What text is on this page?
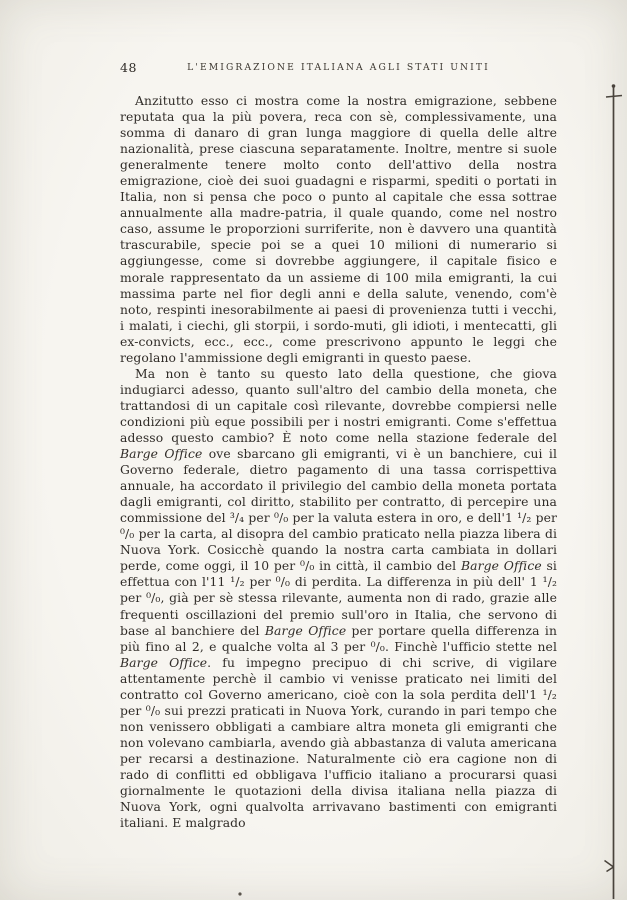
48	L'EMIGRAZIONE ITALIANA AGLI STATI UNITI

Anzitutto esso ci mostra come la nostra emigrazione, sebbene reputata qua la più povera, reca con sè, complessivamente, una somma di danaro di gran lunga maggiore di quella delle altre nazionalità, prese ciascuna separatamente. Inoltre, mentre si suole generalmente tenere molto conto dell'attivo della nostra emigrazione, cioè dei suoi guadagni e risparmi, spediti o portati in Italia, non si pensa che poco o punto al capitale che essa sottrae annualmente alla madre-patria, il quale quando, come nel nostro caso, assume le proporzioni surriferite, non è davvero una quantità trascurabile, specie poi se a quei 10 milioni di numerario si aggiungesse, come si dovrebbe aggiungere, il capitale fisico e morale rappresentato da un assieme di 100 mila emigranti, la cui massima parte nel fior degli anni e della salute, venendo, com'è noto, respinti inesorabilmente ai paesi di provenienza tutti i vecchi, i malati, i ciechi, gli storpii, i sordo-muti, gli idioti, i mentecatti, gli ex-convicts, ecc., ecc., come prescrivono appunto le leggi che regolano l'ammissione degli emigranti in questo paese.

Ma non è tanto su questo lato della questione, che giova indugiarci adesso, quanto sull'altro del cambio della moneta, che trattandosi di un capitale così rilevante, dovrebbe compiersi nelle condizioni più eque possibili per i nostri emigranti. Come s'effettua adesso questo cambio? È noto come nella stazione federale del Barge Office ove sbarcano gli emigranti, vi è un banchiere, cui il Governo federale, dietro pagamento di una tassa corrispettiva annuale, ha accordato il privilegio del cambio della moneta portata dagli emigranti, col diritto, stabilito per contratto, di percepire una commissione del ³/₄ per ⁰/₀ per la valuta estera in oro, e dell'1 ¹/₂ per ⁰/₀ per la carta, al disopra del cambio praticato nella piazza libera di Nuova York. Cosicchè quando la nostra carta cambiata in dollari perde, come oggi, il 10 per ⁰/₀ in città, il cambio del Barge Office si effettua con l'11 ¹/₂ per ⁰/₀ di perdita. La differenza in più dell' 1 ¹/₂ per ⁰/₀, già per sè stessa rilevante, aumenta non di rado, grazie alle frequenti oscillazioni del premio sull'oro in Italia, che servono di base al banchiere del Barge Office per portare quella differenza in più fino al 2, e qualche volta al 3 per ⁰/₀. Finchè l'ufficio stette nel Barge Office. fu impegno precipuo di chi scrive, di vigilare attentamente perchè il cambio vi venisse praticato nei limiti del contratto col Governo americano, cioè con la sola perdita dell'1 ¹/₂ per ⁰/₀ sui prezzi praticati in Nuova York, curando in pari tempo che non venissero obbligati a cambiare altra moneta gli emigranti che non volevano cambiarla, avendo già abbastanza di valuta americana per recarsi a destinazione. Naturalmente ciò era cagione non di rado di conflitti ed obbligava l'ufficio italiano a procurarsi quasi giornalmente le quotazioni della divisa italiana nella piazza di Nuova York, ogni qualvolta arrivavano bastimenti con emigranti italiani. E malgrado
